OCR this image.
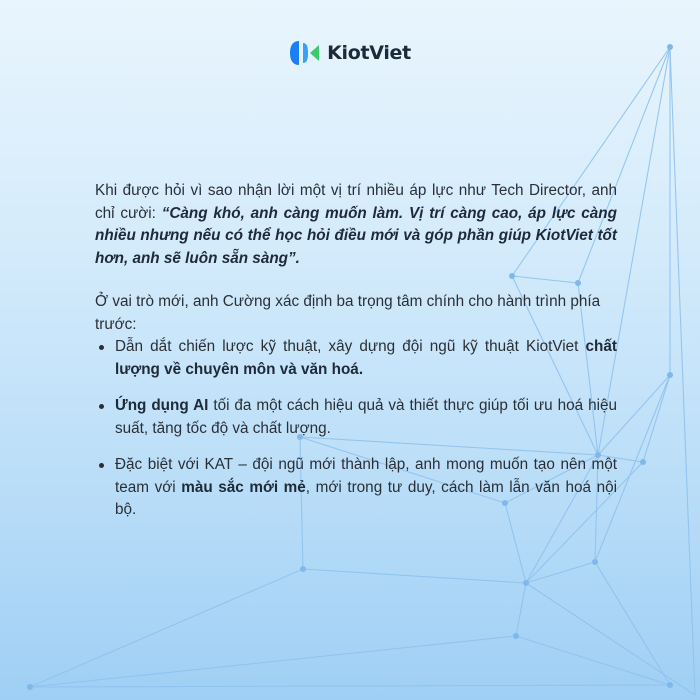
KiotViet

Khi được hỏi vì sao nhận lời một vị trí nhiều áp lực như Tech Director, anh chỉ cười: “Càng khó, anh càng muốn làm. Vị trí càng cao, áp lực càng nhiều nhưng nếu có thể học hỏi điều mới và góp phần giúp KiotViet tốt hơn, anh sẽ luôn sẵn sàng”.

Ở vai trò mới, anh Cường xác định ba trọng tâm chính cho hành trình phía trước:

Dẫn dắt chiến lược kỹ thuật, xây dựng đội ngũ kỹ thuật KiotViet chất lượng về chuyên môn và văn hoá.
Ứng dụng AI tối đa một cách hiệu quả và thiết thực giúp tối ưu hoá hiệu suất, tăng tốc độ và chất lượng.
Đặc biệt với KAT – đội ngũ mới thành lập, anh mong muốn tạo nên một team với màu sắc mới mẻ, mới trong tư duy, cách làm lẫn văn hoá nội bộ.
